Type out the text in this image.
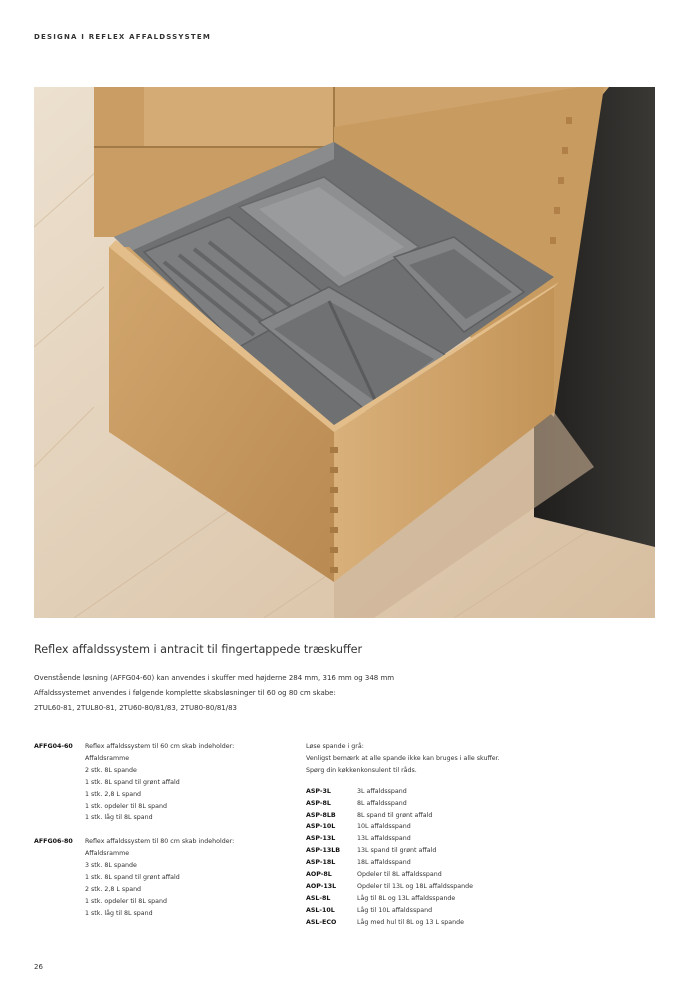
DESIGNA I REFLEX AFFALDSSYSTEM
Reflex affaldssystem i antracit til fingertappede træskuffer
Ovenstående løsning (AFFG04-60) kan anvendes i skuffer med højderne 284 mm, 316 mm og 348 mm
Affaldssystemet anvendes i følgende komplette skabsløsninger til 60 og 80 cm skabe:
2TUL60-81, 2TUL80-81, 2TU60-80/81/83, 2TU80-80/81/83
AFFG04-60	Reflex affaldssystem til 60 cm skab indeholder:
Affaldsramme
2 stk. 8L spande
1 stk. 8L spand til grønt affald
1 stk. 2,8 L spand
1 stk. opdeler til 8L spand
1 stk. låg til 8L spand
AFFG06-80	Reflex affaldssystem til 80 cm skab indeholder:
Affaldsramme
3 stk. 8L spande
1 stk. 8L spand til grønt affald
2 stk. 2,8 L spand
1 stk. opdeler til 8L spand
1 stk. låg til 8L spand
Løse spande i grå:
Venligst bemærk at alle spande ikke kan bruges i alle skuffer.
Spørg din køkkenkonsulent til råds.
ASP-3L	3L affaldsspand
ASP-8L	8L affaldsspand
ASP-8LB	8L spand til grønt affald
ASP-10L	10L affaldsspand
ASP-13L	13L affaldsspand
ASP-13LB	13L spand til grønt affald
ASP-18L	18L affaldsspand
AOP-8L	Opdeler til 8L affaldsspand
AOP-13L	Opdeler til 13L og 18L affaldsspande
ASL-8L	Låg til 8L og 13L affaldsspande
ASL-10L	Låg til 10L affaldsspand
ASL-ECO	Låg med hul til 8L og 13 L spande
26
